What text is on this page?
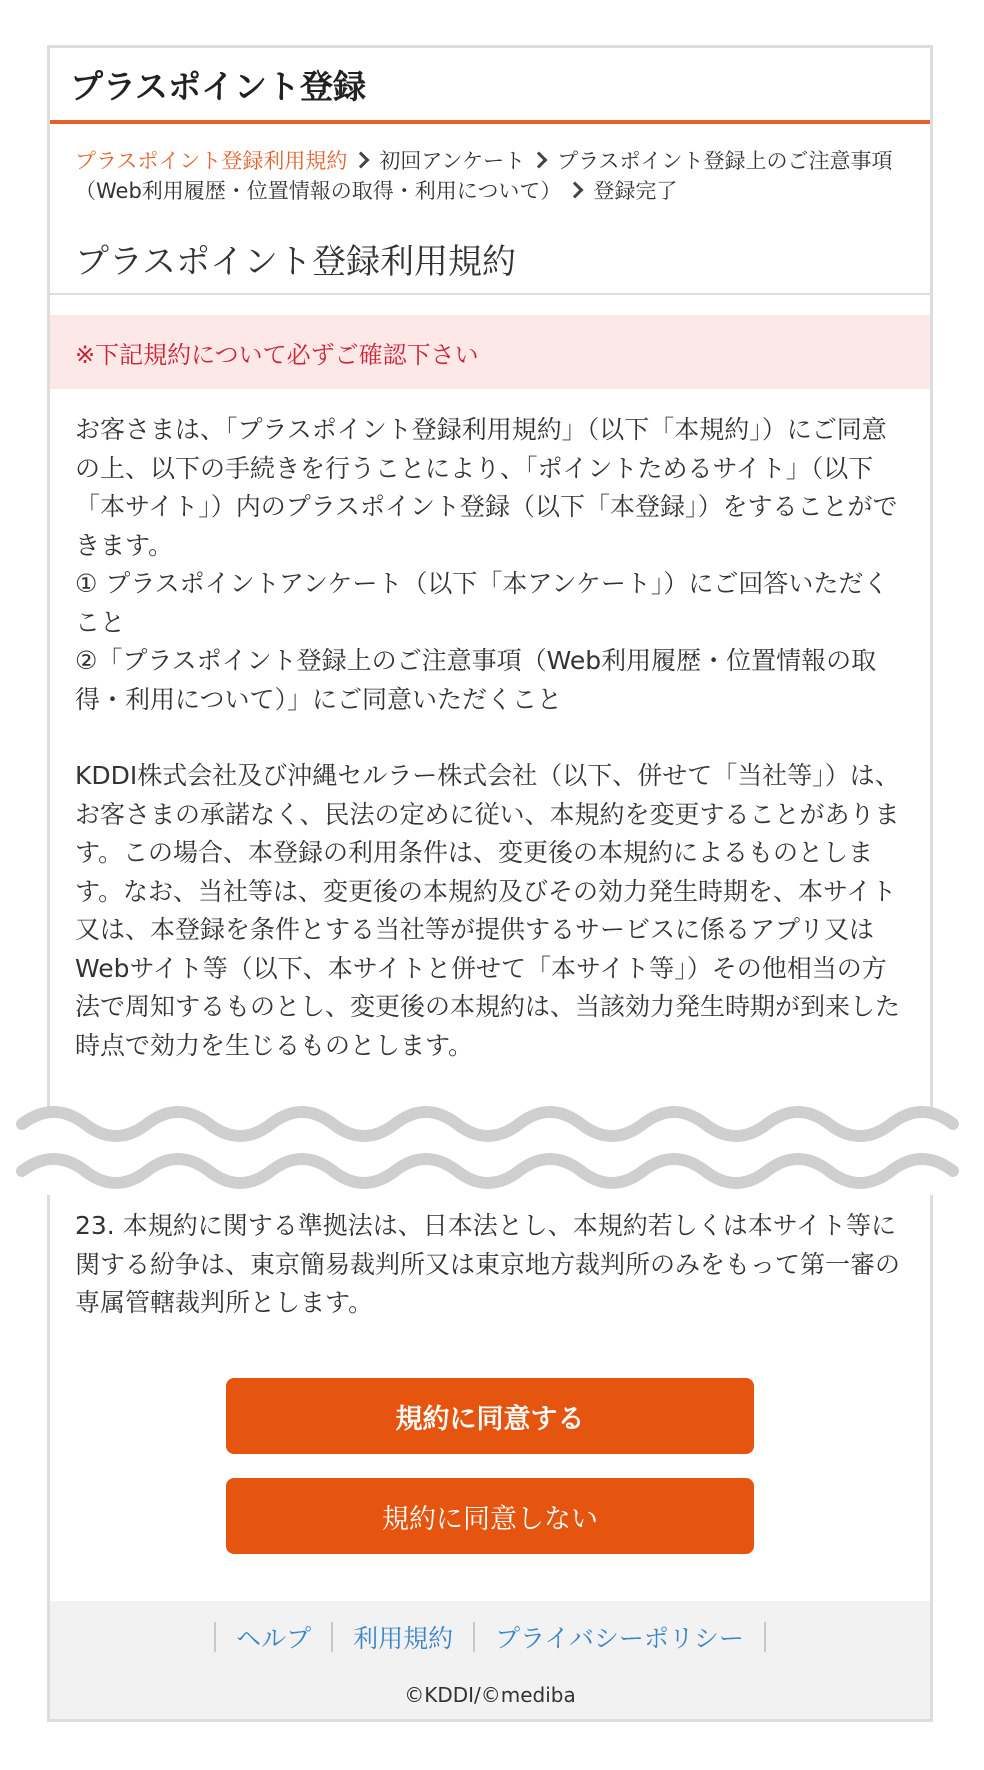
プラスポイント登録
プラスポイント登録利用規約 初回アンケート プラスポイント登録上のご注意事項（Web利用履歴・位置情報の取得・利用について） 登録完了
プラスポイント登録利用規約
※下記規約について必ずご確認下さい

お客さまは、「プラスポイント登録利用規約」（以下「本規約」）にご同意の上、以下の手続きを行うことにより、「ポイントためるサイト」（以下「本サイト」）内のプラスポイント登録（以下「本登録」）をすることができます。

① プラスポイントアンケート（以下「本アンケート」）にご回答いただくこと

②「プラスポイント登録上のご注意事項（Web利用履歴・位置情報の取得・利用について）」にご同意いただくこと

KDDI株式会社及び沖縄セルラー株式会社（以下、併せて「当社等」）は、お客さまの承諾なく、民法の定めに従い、本規約を変更することがあります。この場合、本登録の利用条件は、変更後の本規約によるものとします。なお、当社等は、変更後の本規約及びその効力発生時期を、本サイト又は、本登録を条件とする当社等が提供するサービスに係るアプリ又はWebサイト等（以下、本サイトと併せて「本サイト等」）その他相当の方法で周知するものとし、変更後の本規約は、当該効力発生時期が到来した時点で効力を生じるものとします。

23. 本規約に関する準拠法は、日本法とし、本規約若しくは本サイト等に関する紛争は、東京簡易裁判所又は東京地方裁判所のみをもって第一審の専属管轄裁判所とします。
規約に同意する
規約に同意しない
ヘルプ	利用規約	プライバシーポリシー
©KDDI/©mediba
